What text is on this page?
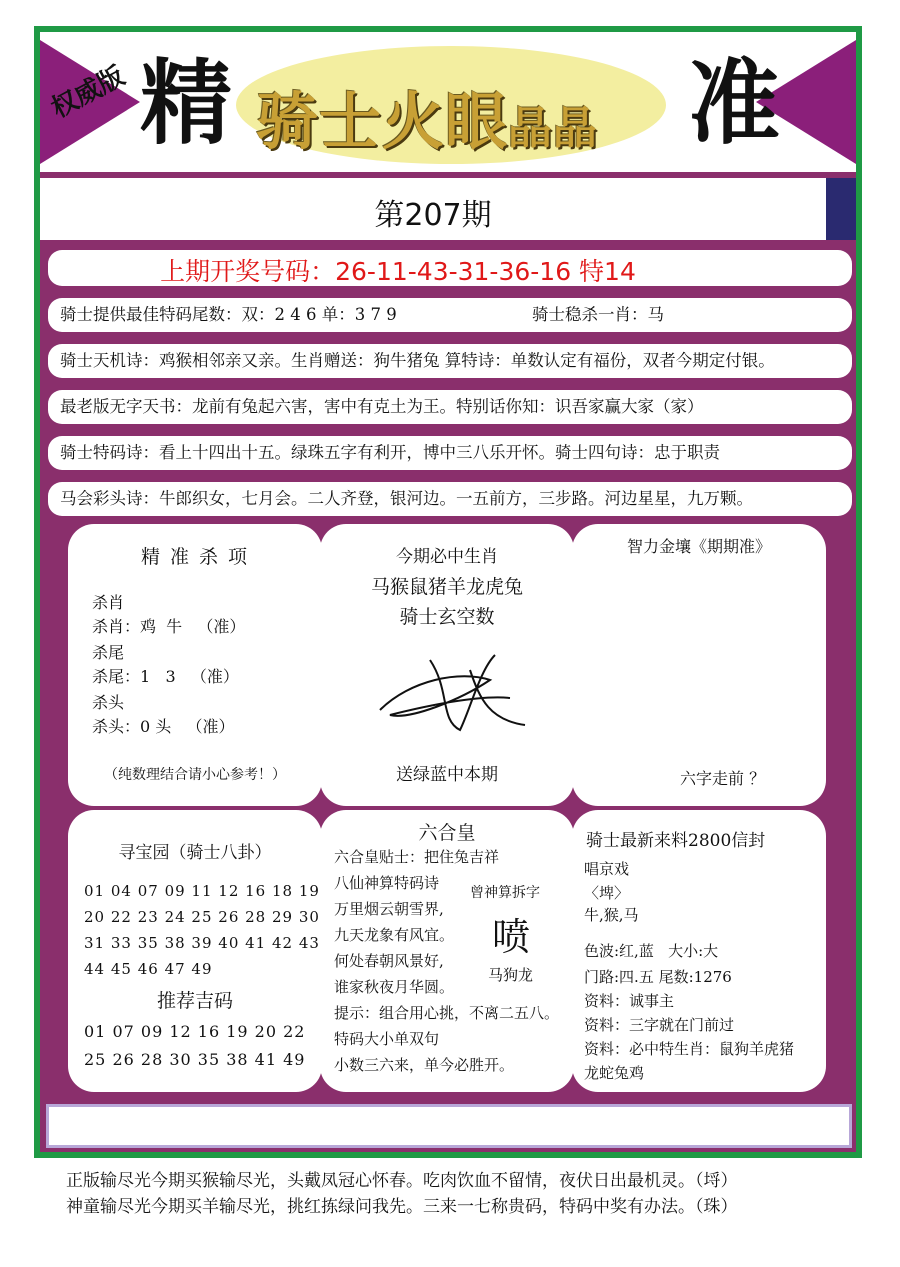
权威版 精 骑士火眼晶晶 准
第207期
上期开奖号码：26-11-43-31-36-16 特14
骑士提供最佳特码尾数：双：2 4 6 单：3 7 9	骑士稳杀一肖：马
骑士天机诗：鸡猴相邻亲又亲。生肖赠送：狗牛猪兔 算特诗：单数认定有福份，双者今期定付银。
最老版无字天书：龙前有兔起六害，害中有克土为王。特别话你知：识吾家赢大家（家）
骑士特码诗：看上十四出十五。绿珠五字有利开，博中三八乐开怀。骑士四句诗：忠于职责
马会彩头诗：牛郎织女，七月会。二人齐登，银河边。一五前方，三步路。河边星星，九万颗。
精 准 杀 项
杀肖
杀肖：鸡  牛   （准）
杀尾
杀尾：1   3   （准）
杀头
杀头：0 头   （准）
（纯数理结合请小心参考！）
今期必中生肖
马猴鼠猪羊龙虎兔
骑士玄空数
送绿蓝中本期
智力金壤《期期准》
六字走前 ？
寻宝园（骑士八卦）
01 04 07 09 11 12 16 18 19
20 22 23 24 25 26 28 29 30
31 33 35 38 39 40 41 42 43
44 45 46 47 49
推荐吉码
01 07 09 12 16 19 20 22
25 26 28 30 35 38 41 49
六合皇
六合皇贴士：把住兔吉祥
八仙神算特码诗
万里烟云朝雪界,
九天龙象有风宜。
何处春朝风景好,
谁家秋夜月华圆。
曾神算拆字
喷
马狗龙
提示：组合用心挑，不离二五八。
特码大小单双句
小数三六来，单今必胜开。
骑士最新来料2800信封
唱京戏
〈埤〉
牛,猴,马
色波:红,蓝   大小:大
门路:四.五 尾数:1276
资料：诚事主
资料：三字就在门前过
资料：必中特生肖：鼠狗羊虎猪
龙蛇兔鸡
正版输尽光今期买猴输尽光，头戴凤冠心怀春。吃肉饮血不留情，夜伏日出最机灵。（埒）
神童输尽光今期买羊输尽光，挑红拣绿问我先。三来一七称贵码，特码中奖有办法。（珠）
